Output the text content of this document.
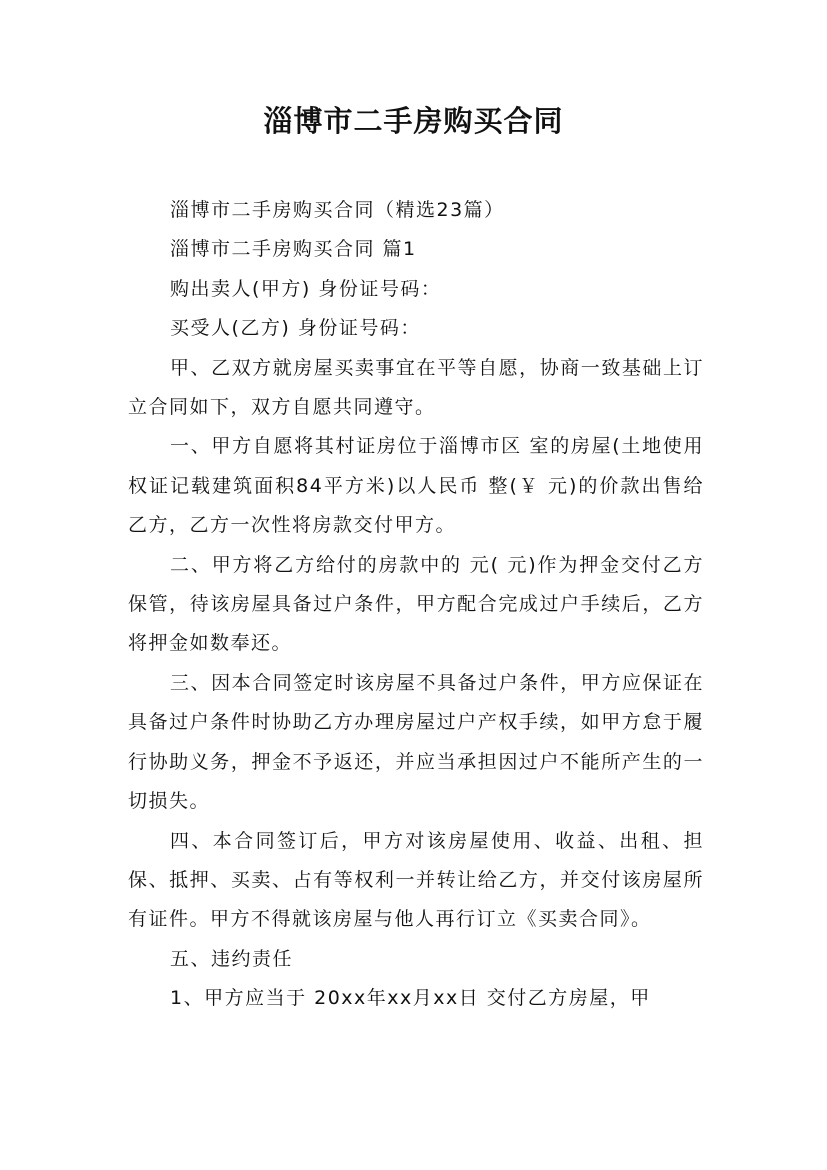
淄博市二手房购买合同

淄博市二手房购买合同（精选23篇）

淄博市二手房购买合同 篇1

购出卖人(甲方) 身份证号码：

买受人(乙方) 身份证号码：

甲、乙双方就房屋买卖事宜在平等自愿，协商一致基础上订立合同如下，双方自愿共同遵守。

一、甲方自愿将其村证房位于淄博市区 室的房屋(土地使用权证记载建筑面积84平方米)以人民币 整(￥ 元)的价款出售给乙方，乙方一次性将房款交付甲方。

二、甲方将乙方给付的房款中的 元( 元)作为押金交付乙方保管，待该房屋具备过户条件，甲方配合完成过户手续后，乙方将押金如数奉还。

三、因本合同签定时该房屋不具备过户条件，甲方应保证在具备过户条件时协助乙方办理房屋过户产权手续，如甲方怠于履行协助义务，押金不予返还，并应当承担因过户不能所产生的一切损失。

四、本合同签订后，甲方对该房屋使用、收益、出租、担保、抵押、买卖、占有等权利一并转让给乙方，并交付该房屋所有证件。甲方不得就该房屋与他人再行订立《买卖合同》。

五、违约责任

1、甲方应当于 20xx年xx月xx日 交付乙方房屋，甲
